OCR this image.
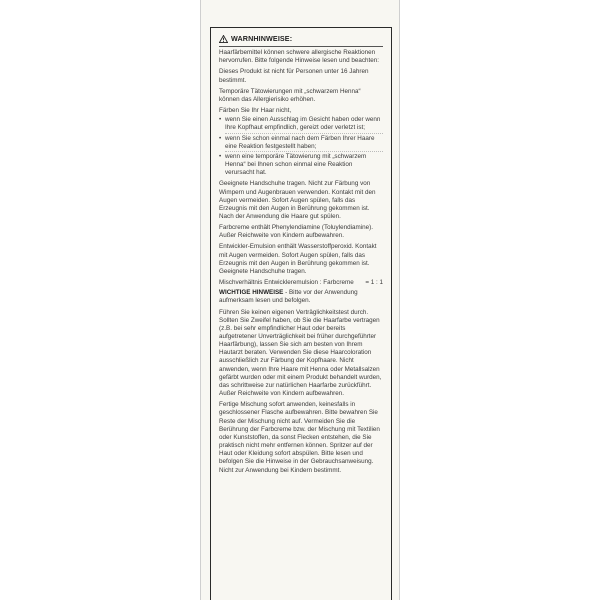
WARNHINWEISE:

Haarfärbemittel können schwere allergische Reaktionen hervorrufen. Bitte folgende Hinweise lesen und beachten:

Dieses Produkt ist nicht für Personen unter 16 Jahren bestimmt.

Temporäre Tätowierungen mit „schwarzem Henna“ können das Allergierisiko erhöhen.

Färben Sie Ihr Haar nicht,

• wenn Sie einen Ausschlag im Gesicht haben oder wenn Ihre Kopfhaut empfindlich, gereizt oder verletzt ist;
• wenn Sie schon einmal nach dem Färben Ihrer Haare eine Reaktion festgestellt haben;
• wenn eine temporäre Tätowierung mit „schwarzem Henna“ bei Ihnen schon einmal eine Reaktion verursacht hat.

Geeignete Handschuhe tragen. Nicht zur Färbung von Wimpern und Augenbrauen verwenden. Kontakt mit den Augen vermeiden. Sofort Augen spülen, falls das Erzeugnis mit den Augen in Berührung gekommen ist. Nach der Anwendung die Haare gut spülen.

Farbcreme enthält Phenylendiamine (Toluylendiamine). Außer Reichweite von Kindern aufbewahren.

Entwickler-Emulsion enthält Wasserstoffperoxid. Kontakt mit Augen vermeiden. Sofort Augen spülen, falls das Erzeugnis mit den Augen in Berührung gekommen ist. Geeignete Handschuhe tragen.

Mischverhältnis Entwickleremulsion : Farbcreme = 1 : 1

WICHTIGE HINWEISE - Bitte vor der Anwendung aufmerksam lesen und befolgen.

Führen Sie keinen eigenen Verträglichkeitstest durch. Sollten Sie Zweifel haben, ob Sie die Haarfarbe vertragen (z.B. bei sehr empfindlicher Haut oder bereits aufgetretener Unverträglichkeit bei früher durchgeführter Haarfärbung), lassen Sie sich am besten von Ihrem Hautarzt beraten. Verwenden Sie diese Haarcoloration ausschließlich zur Färbung der Kopfhaare. Nicht anwenden, wenn Ihre Haare mit Henna oder Metallsalzen gefärbt wurden oder mit einem Produkt behandelt wurden, das schrittweise zur natürlichen Haarfarbe zurückführt. Außer Reichweite von Kindern aufbewahren.

Fertige Mischung sofort anwenden, keinesfalls in geschlossener Flasche aufbewahren. Bitte bewahren Sie Reste der Mischung nicht auf. Vermeiden Sie die Berührung der Farbcreme bzw. der Mischung mit Textilien oder Kunststoffen, da sonst Flecken entstehen, die Sie praktisch nicht mehr entfernen können. Spritzer auf der Haut oder Kleidung sofort abspülen. Bitte lesen und befolgen Sie die Hinweise in der Gebrauchsanweisung. Nicht zur Anwendung bei Kindern bestimmt.
